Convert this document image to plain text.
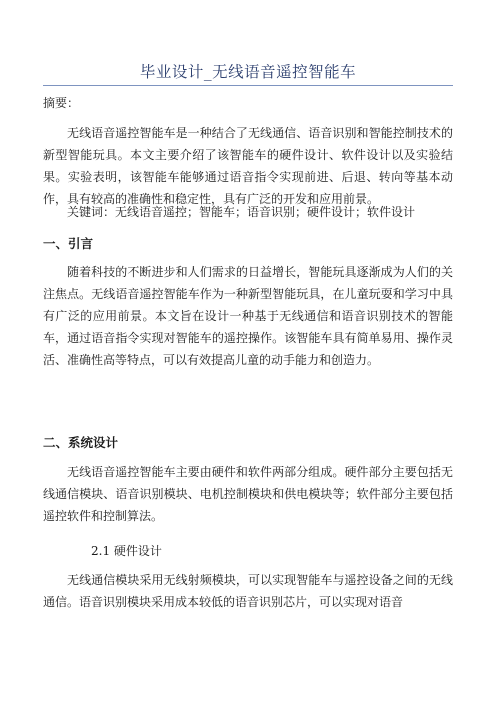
毕业设计_无线语音遥控智能车
摘要：
无线语音遥控智能车是一种结合了无线通信、语音识别和智能控制技术的新型智能玩具。本文主要介绍了该智能车的硬件设计、软件设计以及实验结果。实验表明，该智能车能够通过语音指令实现前进、后退、转向等基本动作，具有较高的准确性和稳定性，具有广泛的开发和应用前景。
关键词：无线语音遥控；智能车；语音识别；硬件设计；软件设计
一、引言
随着科技的不断进步和人们需求的日益增长，智能玩具逐渐成为人们的关注焦点。无线语音遥控智能车作为一种新型智能玩具，在儿童玩耍和学习中具有广泛的应用前景。本文旨在设计一种基于无线通信和语音识别技术的智能车，通过语音指令实现对智能车的遥控操作。该智能车具有简单易用、操作灵活、准确性高等特点，可以有效提高儿童的动手能力和创造力。
二、系统设计
无线语音遥控智能车主要由硬件和软件两部分组成。硬件部分主要包括无线通信模块、语音识别模块、电机控制模块和供电模块等；软件部分主要包括遥控软件和控制算法。
2.1 硬件设计
无线通信模块采用无线射频模块，可以实现智能车与遥控设备之间的无线通信。语音识别模块采用成本较低的语音识别芯片，可以实现对语音
